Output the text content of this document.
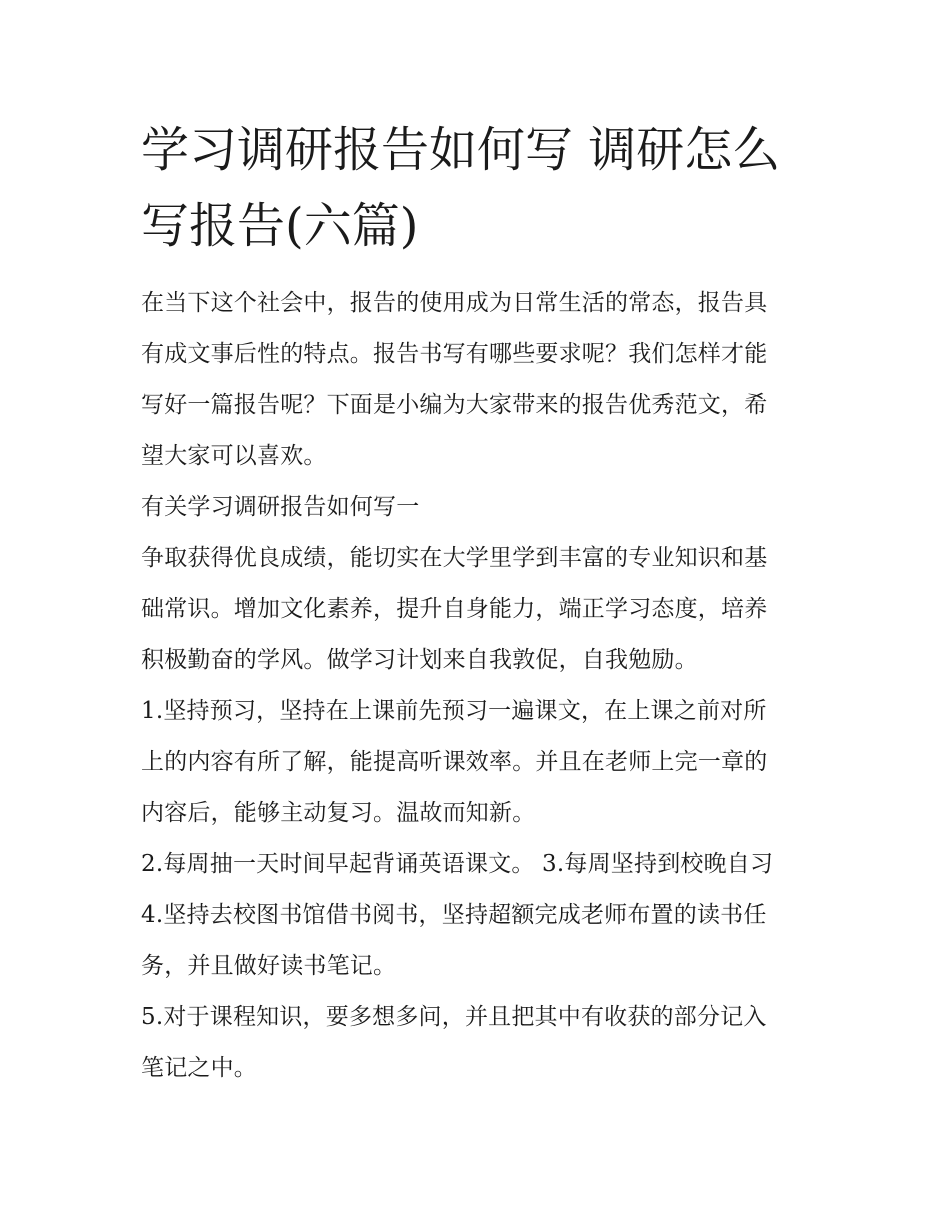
学习调研报告如何写 调研怎么
写报告(六篇)

在当下这个社会中，报告的使用成为日常生活的常态，报告具
有成文事后性的特点。报告书写有哪些要求呢？我们怎样才能
写好一篇报告呢？下面是小编为大家带来的报告优秀范文，希
望大家可以喜欢。

有关学习调研报告如何写一

争取获得优良成绩，能切实在大学里学到丰富的专业知识和基
础常识。增加文化素养，提升自身能力，端正学习态度，培养
积极勤奋的学风。做学习计划来自我敦促，自我勉励。

1.坚持预习，坚持在上课前先预习一遍课文，在上课之前对所
上的内容有所了解，能提高听课效率。并且在老师上完一章的
内容后，能够主动复习。温故而知新。

2.每周抽一天时间早起背诵英语课文。 3.每周坚持到校晚自习

4.坚持去校图书馆借书阅书，坚持超额完成老师布置的读书任
务，并且做好读书笔记。

5.对于课程知识，要多想多问，并且把其中有收获的部分记入
笔记之中。
